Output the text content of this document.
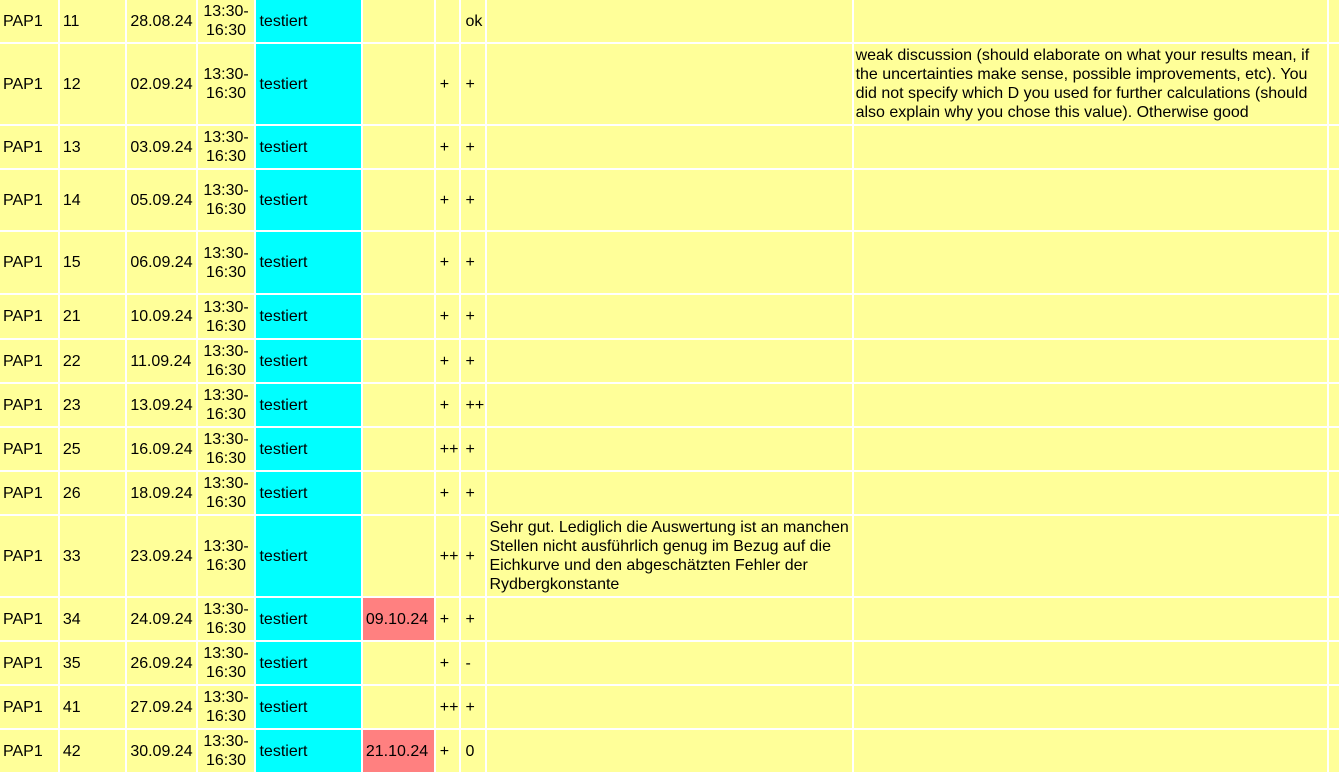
PAP1	11	28.08.24	13:30-16:30	testiert			ok			
PAP1	12	02.09.24	13:30-16:30	testiert		+	+		weak discussion (should elaborate on what your results mean, if the uncertainties make sense, possible improvements, etc). You did not specify which D you used for further calculations (should also explain why you chose this value). Otherwise good	
PAP1	13	03.09.24	13:30-16:30	testiert		+	+			
PAP1	14	05.09.24	13:30-16:30	testiert		+	+			
PAP1	15	06.09.24	13:30-16:30	testiert		+	+			
PAP1	21	10.09.24	13:30-16:30	testiert		+	+			
PAP1	22	11.09.24	13:30-16:30	testiert		+	+			
PAP1	23	13.09.24	13:30-16:30	testiert		+	++			
PAP1	25	16.09.24	13:30-16:30	testiert		++	+			
PAP1	26	18.09.24	13:30-16:30	testiert		+	+			
PAP1	33	23.09.24	13:30-16:30	testiert		++	+	Sehr gut. Lediglich die Auswertung ist an manchen Stellen nicht ausführlich genug im Bezug auf die Eichkurve und den abgeschätzten Fehler der Rydbergkonstante		
PAP1	34	24.09.24	13:30-16:30	testiert	09.10.24	+	+			
PAP1	35	26.09.24	13:30-16:30	testiert		+	-			
PAP1	41	27.09.24	13:30-16:30	testiert		++	+			
PAP1	42	30.09.24	13:30-16:30	testiert	21.10.24	+	0			
